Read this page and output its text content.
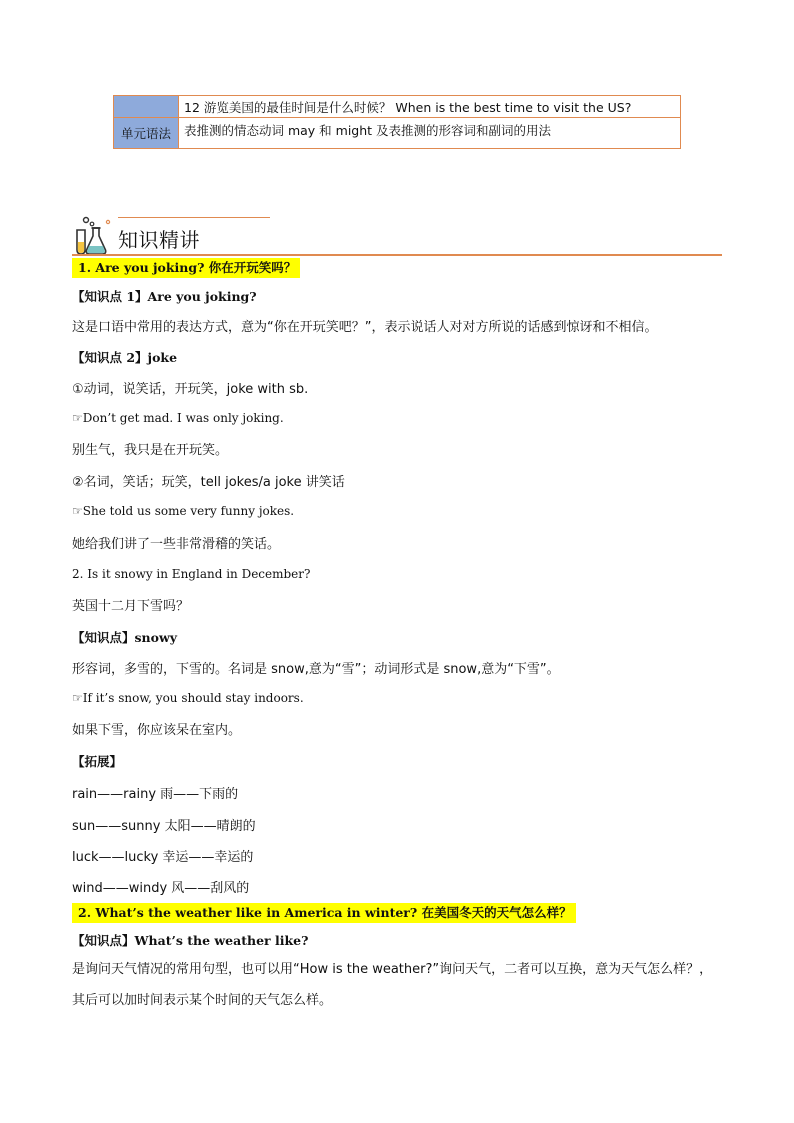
	12 游览美国的最佳时间是什么时候？ When is the best time to visit the US?
单元语法	表推测的情态动词 may 和 might 及表推测的形容词和副词的用法
知识精讲
1. Are you joking? 你在开玩笑吗？
【知识点 1】Are you joking?
这是口语中常用的表达方式，意为“你在开玩笑吧？”，表示说话人对对方所说的话感到惊讶和不相信。
【知识点 2】joke
①动词，说笑话，开玩笑，joke with sb.
☞Don’t get mad. I was only joking.
别生气，我只是在开玩笑。
②名词，笑话；玩笑，tell jokes/a joke 讲笑话
☞She told us some very funny jokes.
她给我们讲了一些非常滑稽的笑话。
2. Is it snowy in England in December?
英国十二月下雪吗？
【知识点】snowy
形容词，多雪的，下雪的。名词是 snow,意为“雪”；动词形式是 snow,意为“下雪”。
☞If it’s snow, you should stay indoors.
如果下雪，你应该呆在室内。
【拓展】
rain——rainy 雨——下雨的
sun——sunny 太阳——晴朗的
luck——lucky 幸运——幸运的
wind——windy 风——刮风的
2. What’s the weather like in America in winter? 在美国冬天的天气怎么样？
【知识点】What’s the weather like?
是询问天气情况的常用句型，也可以用“How is the weather?”询问天气，二者可以互换，意为天气怎么样？，其后可以加时间表示某个时间的天气怎么样。
